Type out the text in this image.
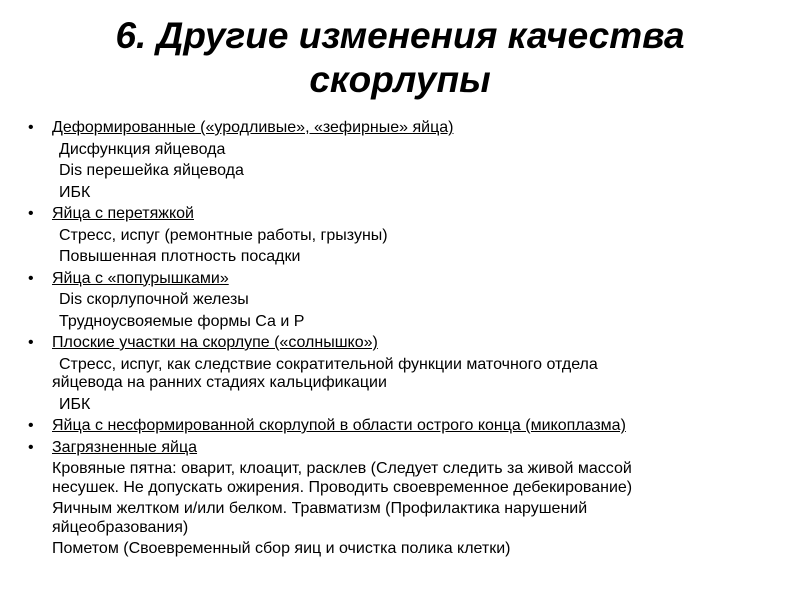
6. Другие изменения качества
скорлупы
• Деформированные («уродливые», «зефирные» яйца)
Дисфункция яйцевода
Dis перешейка яйцевода
ИБК
• Яйца с перетяжкой
Стресс, испуг (ремонтные работы, грызуны)
Повышенная плотность посадки
• Яйца с «попурышками»
Dis скорлупочной железы
Трудноусвояемые формы Са и Р
• Плоские участки на скорлупе («солнышко»)
Стресс, испуг, как следствие сократительной функции маточного отдела
яйцевода на ранних стадиях кальцификации
ИБК
• Яйца с несформированной скорлупой в области острого конца (микоплазма)
• Загрязненные яйца
Кровяные пятна: оварит, клоацит, расклев (Следует следить за живой массой
несушек. Не допускать ожирения. Проводить своевременное дебекирование)
Яичным желтком и/или белком. Травматизм (Профилактика нарушений
яйцеобразования)
Пометом (Своевременный сбор яиц и очистка полика клетки)
